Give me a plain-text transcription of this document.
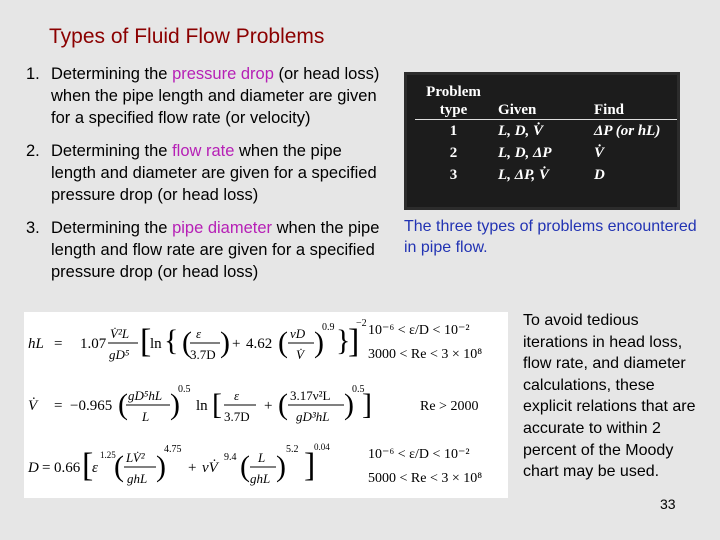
Types of Fluid Flow Problems
1. Determining the pressure drop (or head loss) when the pipe length and diameter are given for a specified flow rate (or velocity)
2. Determining the flow rate when the pipe length and diameter are given for a specified pressure drop (or head loss)
3. Determining the pipe diameter when the pipe length and flow rate are given for a specified pressure drop (or head loss)
Problem type	Given	Find
1	L, D, V̇	ΔP (or hL)
2	L, D, ΔP	V̇
3	L, ΔP, V̇	D
The three types of problems encountered in pipe flow.
hL = 1.07
V̇²L
gD⁵ [
ln { ( ε
3.7D ) + 4.62 ( νD
V̇ )
0.9 }
]
−2 10⁻⁶ < ε/D < 10⁻²
3000 < Re < 3 × 10⁸
V̇ = −0.965 ( gD⁵hL
L )
0.5
ln [ ε
3.7D
+ ( 3.17ν²L
gD³hL )
0.5
]	Re > 2000
D = 0.66 [
ε
1.25
( LV̇²
ghL )
4.75
+ νV̇
9.4 ( L
ghL )
5.2 ]
0.04	10⁻⁶ < ε/D < 10⁻²
5000 < Re < 3 × 10⁸
To avoid tedious iterations in head loss, flow rate, and diameter calculations, these explicit relations that are accurate to within 2 percent of the Moody chart may be used.
33
